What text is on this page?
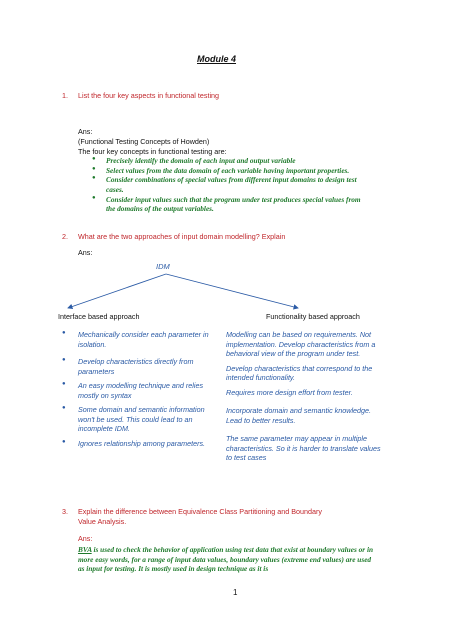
Module 4
1. List the four key aspects in functional testing
Ans:
(Functional Testing Concepts of Howden)
The four key concepts in functional testing are:
● Precisely identify the domain of each input and output variable
● Select values from the data domain of each variable having important properties.
● Consider combinations of special values from different input domains to design test cases.
● Consider input values such that the program under test produces special values from the domains of the output variables.
2. What are the two approaches of input domain modelling? Explain
Ans:
IDM
Interface based approach	Functionality based approach
● Mechanically consider each parameter in isolation.
● Develop characteristics directly from parameters
● An easy modelling technique and relies mostly on syntax
● Some domain and semantic information won't be used. This could lead to an incomplete IDM.
● Ignores relationship among parameters.
Modelling can be based on requirements. Not implementation. Develop characteristics from a behavioral view of the program under test.
Develop characteristics that correspond to the intended functionality.
Requires more design effort from tester.
Incorporate domain and semantic knowledge. Lead to better results.
The same parameter may appear in multiple characteristics. So it is harder to translate values to test cases
3. Explain the difference between Equivalence Class Partitioning and Boundary
Value Analysis.
Ans:
BVA is used to check the behavior of application using test data that exist at boundary values or in more easy words, for a range of input data values, boundary values (extreme end values) are used as input for testing. It is mostly used in design technique as it is
1
